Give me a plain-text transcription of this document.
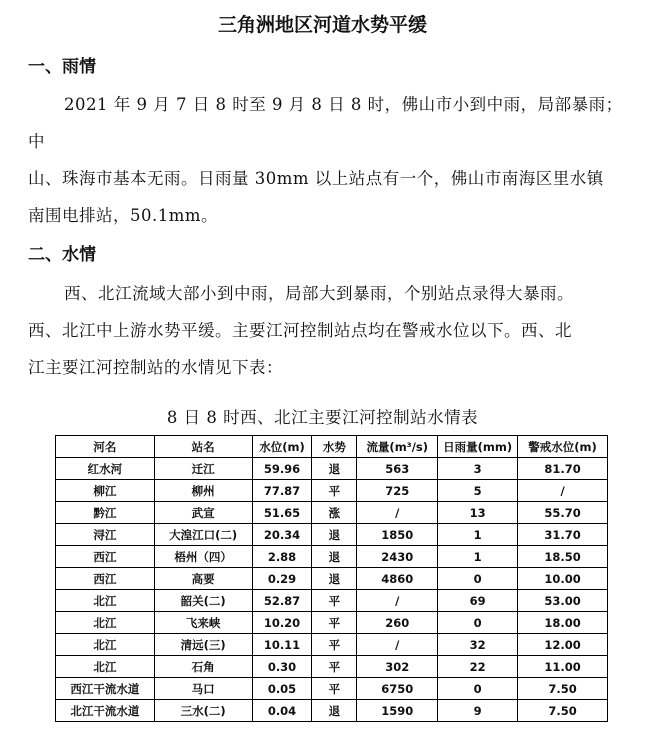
三角洲地区河道水势平缓
一、雨情
2021 年 9 月 7 日 8 时至 9 月 8 日 8 时，佛山市小到中雨，局部暴雨；中
山、珠海市基本无雨。日雨量 30mm 以上站点有一个，佛山市南海区里水镇
南围电排站，50.1mm。
二、水情
西、北江流域大部小到中雨，局部大到暴雨，个别站点录得大暴雨。
西、北江中上游水势平缓。主要江河控制站点均在警戒水位以下。西、北
江主要江河控制站的水情见下表：
8 日 8 时西、北江主要江河控制站水情表
河名	站名	水位(m)	水势	流量(m³/s)	日雨量(mm)	警戒水位(m)
红水河	迁江	59.96	退	563	3	81.70
柳江	柳州	77.87	平	725	5	/
黔江	武宣	51.65	涨	/	13	55.70
浔江	大湟江口(二)	20.34	退	1850	1	31.70
西江	梧州（四）	2.88	退	2430	1	18.50
西江	高要	0.29	退	4860	0	10.00
北江	韶关(二)	52.87	平	/	69	53.00
北江	飞来峡	10.20	平	260	0	18.00
北江	清远(三)	10.11	平	/	32	12.00
北江	石角	0.30	平	302	22	11.00
西江干流水道	马口	0.05	平	6750	0	7.50
北江干流水道	三水(二)	0.04	退	1590	9	7.50
